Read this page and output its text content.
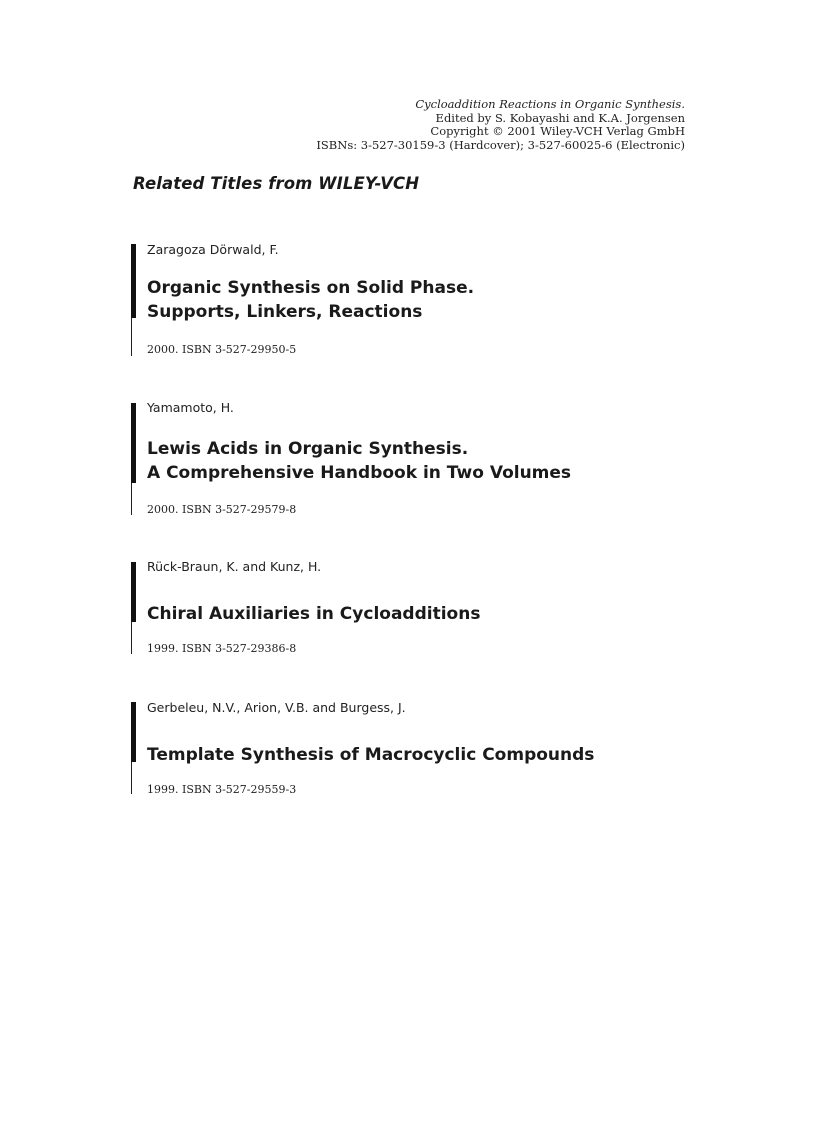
Cycloaddition Reactions in Organic Synthesis.
Edited by S. Kobayashi and K.A. Jorgensen
Copyright © 2001 Wiley-VCH Verlag GmbH
ISBNs: 3-527-30159-3 (Hardcover); 3-527-60025-6 (Electronic)
Related Titles from WILEY-VCH
Zaragoza Dörwald, F.
Organic Synthesis on Solid Phase.
Supports, Linkers, Reactions
2000. ISBN 3-527-29950-5
Yamamoto, H.
Lewis Acids in Organic Synthesis.
A Comprehensive Handbook in Two Volumes
2000. ISBN 3-527-29579-8
Rück-Braun, K. and Kunz, H.
Chiral Auxiliaries in Cycloadditions
1999. ISBN 3-527-29386-8
Gerbeleu, N.V., Arion, V.B. and Burgess, J.
Template Synthesis of Macrocyclic Compounds
1999. ISBN 3-527-29559-3
